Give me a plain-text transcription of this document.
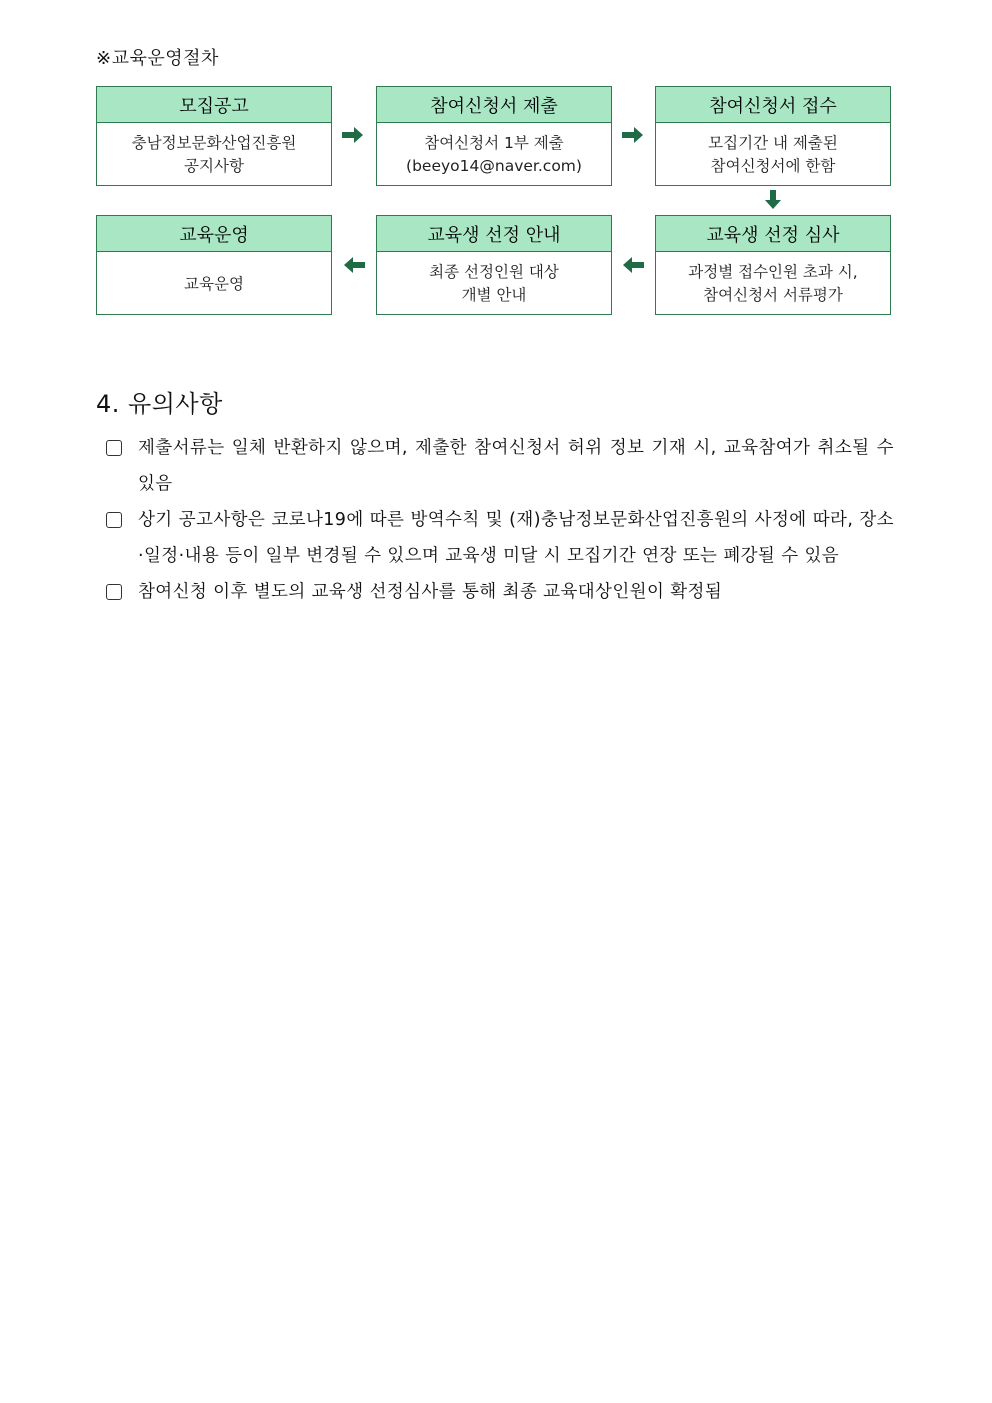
※교육운영절차
모집공고
충남정보문화산업진흥원
공지사항
참여신청서 제출
참여신청서 1부 제출
(beeyo14@naver.com)
참여신청서 접수
모집기간 내 제출된
참여신청서에 한함
교육운영
교육운영
교육생 선정 안내
최종 선정인원 대상
개별 안내
교육생 선정 심사
과정별 접수인원 초과 시,
참여신청서 서류평가
4. 유의사항
제출서류는 일체 반환하지 않으며, 제출한 참여신청서 허위 정보 기재 시, 교육참여가 취소될 수 있음
상기 공고사항은 코로나19에 따른 방역수칙 및 (재)충남정보문화산업진흥원의 사정에 따라, 장소·일정·내용 등이 일부 변경될 수 있으며 교육생 미달 시 모집기간 연장 또는 폐강될 수 있음
참여신청 이후 별도의 교육생 선정심사를 통해 최종 교육대상인원이 확정됨
